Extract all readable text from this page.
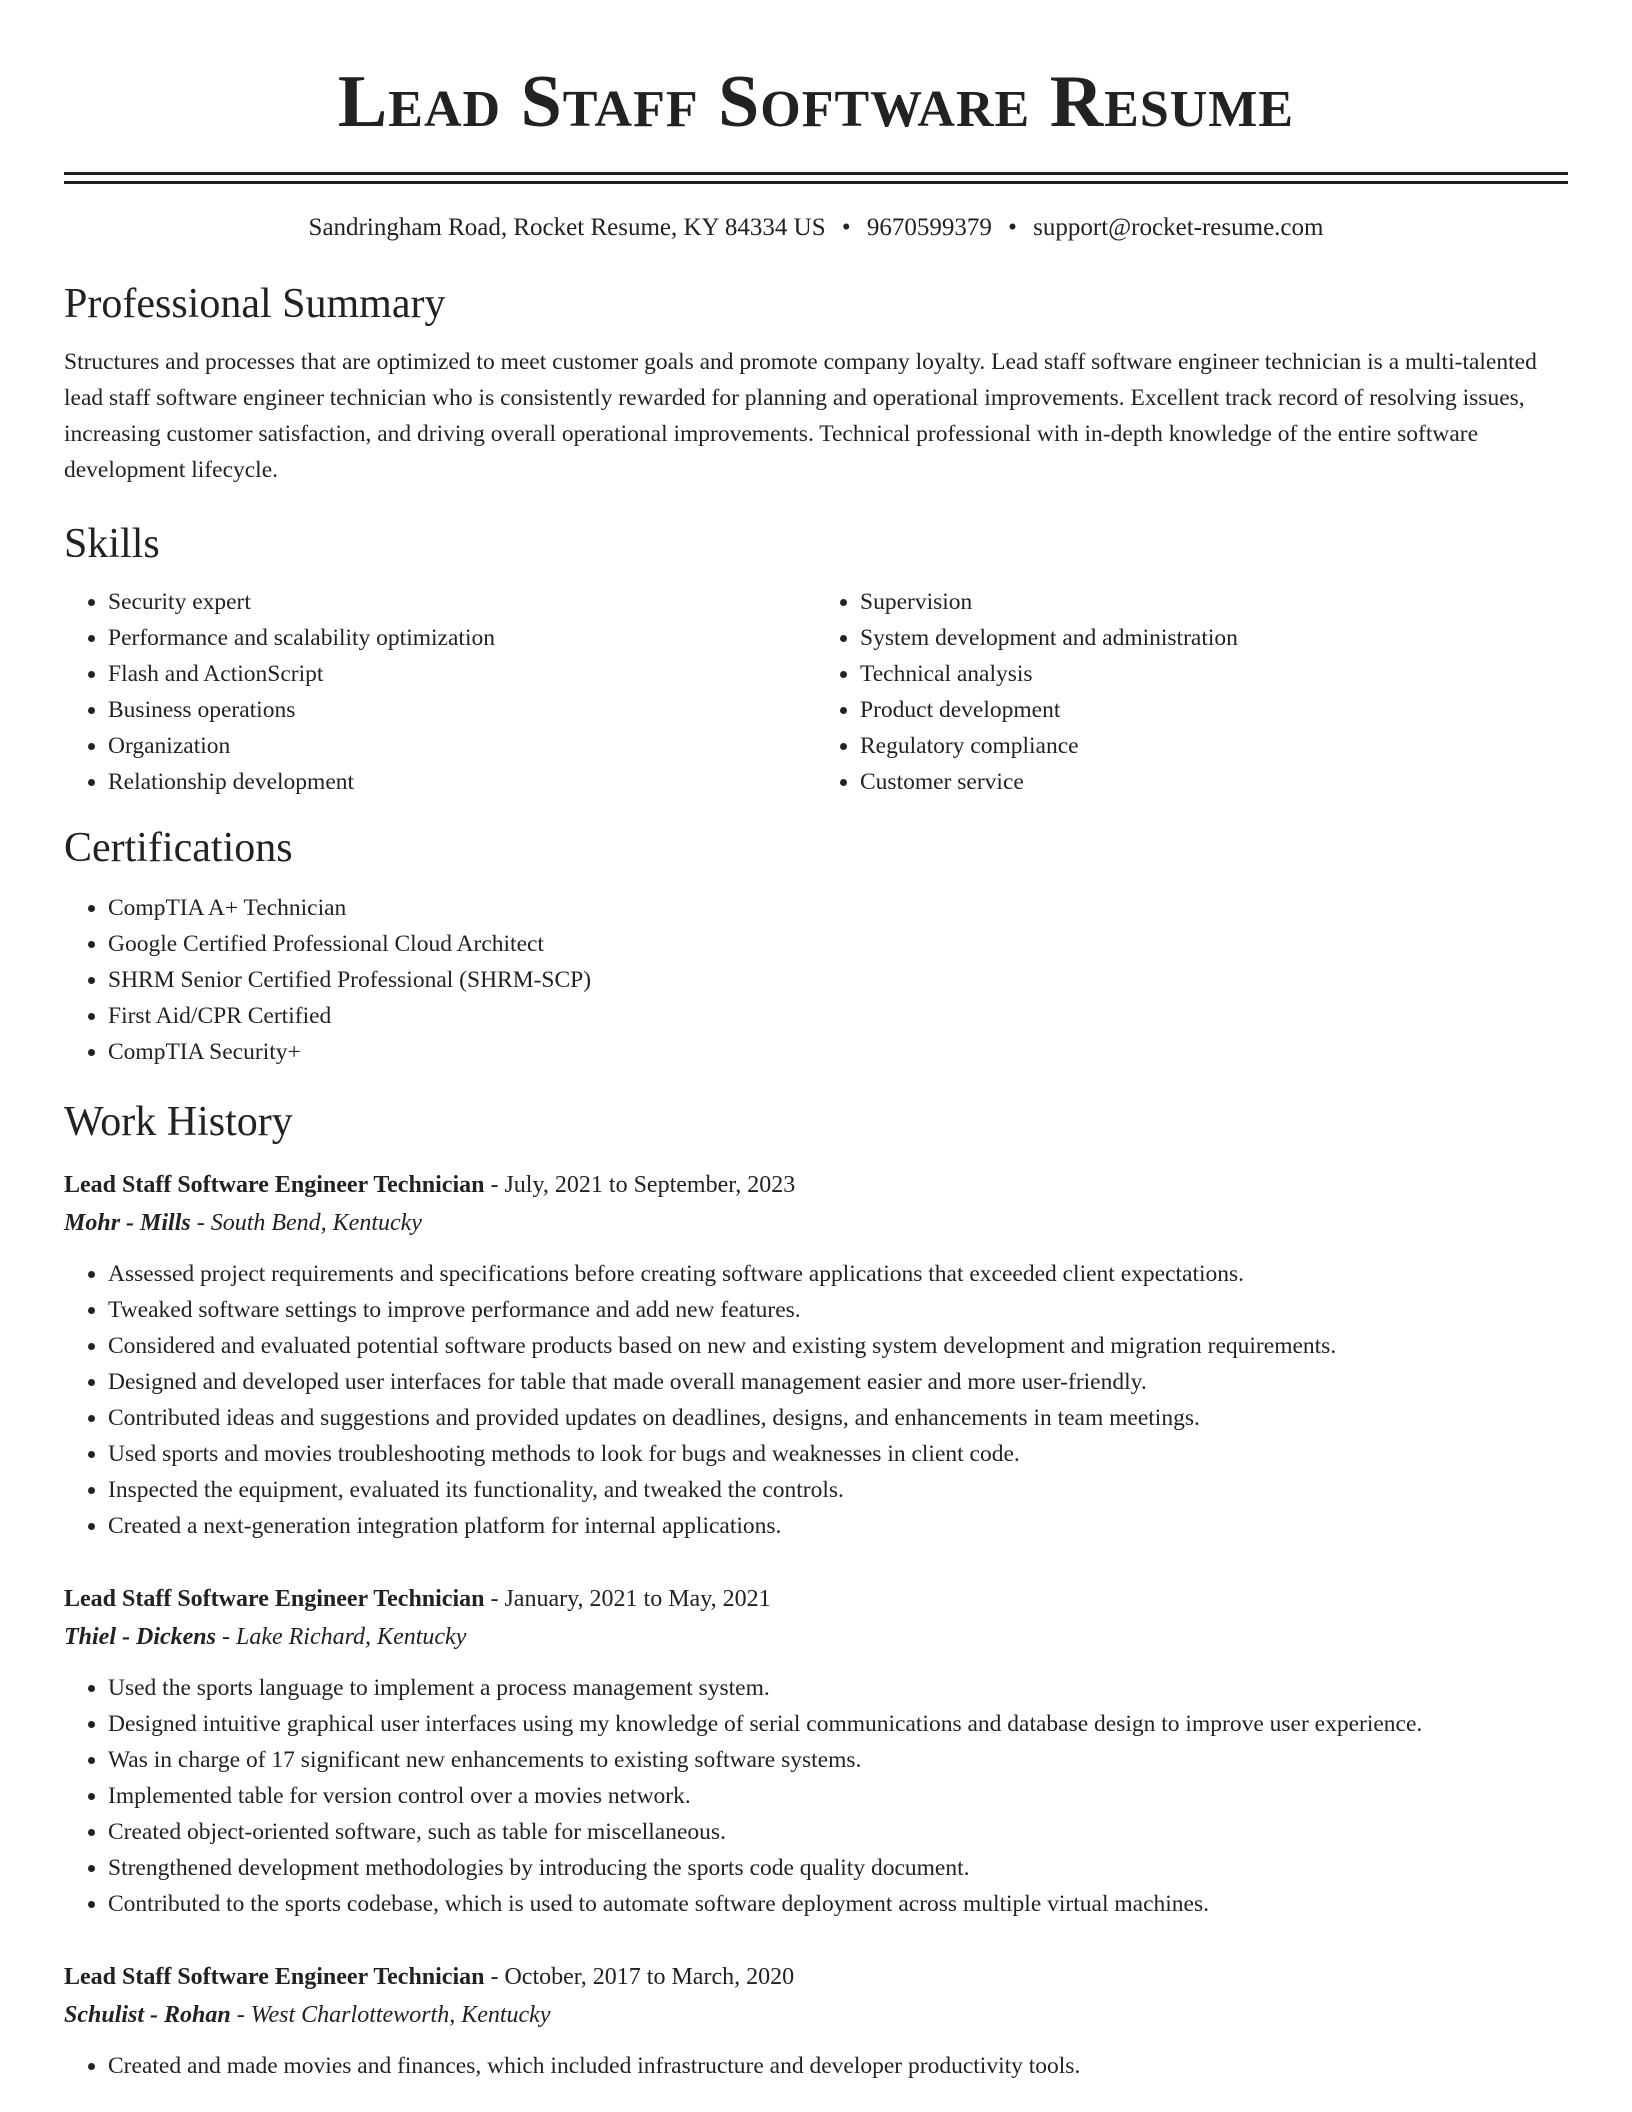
Lead Staff Software Resume
Sandringham Road, Rocket Resume, KY 84334 US • 9670599379 • support@rocket-resume.com
Professional Summary

Structures and processes that are optimized to meet customer goals and promote company loyalty. Lead staff software engineer technician is a multi-talented lead staff software engineer technician who is consistently rewarded for planning and operational improvements. Excellent track record of resolving issues, increasing customer satisfaction, and driving overall operational improvements. Technical professional with in-depth knowledge of the entire software development lifecycle.

Skills
• Security expert
• Performance and scalability optimization
• Flash and ActionScript
• Business operations
• Organization
• Relationship development
• Supervision
• System development and administration
• Technical analysis
• Product development
• Regulatory compliance
• Customer service
Certifications
• CompTIA A+ Technician
• Google Certified Professional Cloud Architect
• SHRM Senior Certified Professional (SHRM-SCP)
• First Aid/CPR Certified
• CompTIA Security+
Work History
Lead Staff Software Engineer Technician - July, 2021 to September, 2023
Mohr - Mills - South Bend, Kentucky
• Assessed project requirements and specifications before creating software applications that exceeded client expectations.
• Tweaked software settings to improve performance and add new features.
• Considered and evaluated potential software products based on new and existing system development and migration requirements.
• Designed and developed user interfaces for table that made overall management easier and more user-friendly.
• Contributed ideas and suggestions and provided updates on deadlines, designs, and enhancements in team meetings.
• Used sports and movies troubleshooting methods to look for bugs and weaknesses in client code.
• Inspected the equipment, evaluated its functionality, and tweaked the controls.
• Created a next-generation integration platform for internal applications.
Lead Staff Software Engineer Technician - January, 2021 to May, 2021
Thiel - Dickens - Lake Richard, Kentucky
• Used the sports language to implement a process management system.
• Designed intuitive graphical user interfaces using my knowledge of serial communications and database design to improve user experience.
• Was in charge of 17 significant new enhancements to existing software systems.
• Implemented table for version control over a movies network.
• Created object-oriented software, such as table for miscellaneous.
• Strengthened development methodologies by introducing the sports code quality document.
• Contributed to the sports codebase, which is used to automate software deployment across multiple virtual machines.
Lead Staff Software Engineer Technician - October, 2017 to March, 2020
Schulist - Rohan - West Charlotteworth, Kentucky
• Created and made movies and finances, which included infrastructure and developer productivity tools.
